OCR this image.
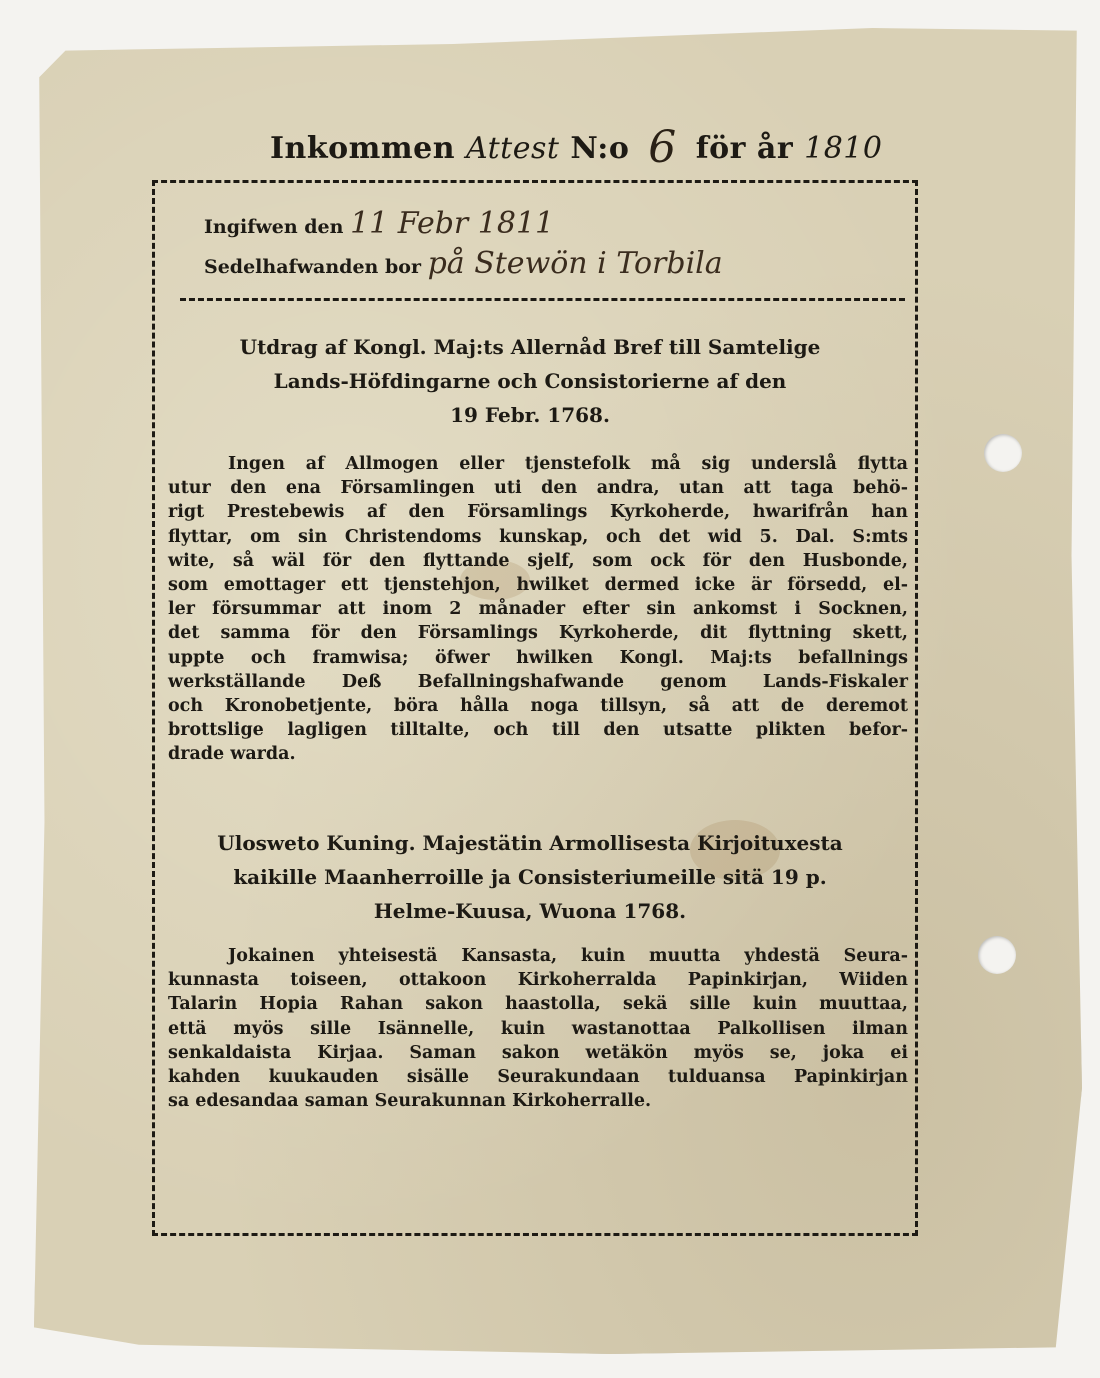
Inkommen Attest N:o 6 för år 1810
Ingifwen den 11 Febr 1811
Sedelhafwanden bor på Stewön i Torbila
Utdrag af Kongl. Maj:ts Allernåd Bref till Samtelige
Lands-Höfdingarne och Consistorierne af den
19 Febr. 1768.
Ingen af Allmogen eller tjenstefolk må sig underslå flytta
utur den ena Församlingen uti den andra, utan att taga behö-
rigt Prestebewis af den Församlings Kyrkoherde, hwarifrån han
flyttar, om sin Christendoms kunskap, och det wid 5. Dal. S:mts
wite, så wäl för den flyttande sjelf, som ock för den Husbonde,
som emottager ett tjenstehjon, hwilket dermed icke är försedd, el-
ler försummar att inom 2 månader efter sin ankomst i Socknen,
det samma för den Församlings Kyrkoherde, dit flyttning skett,
uppte och framwisa; öfwer hwilken Kongl. Maj:ts befallnings
werkställande Deß Befallningshafwande genom Lands-Fiskaler
och Kronobetjente, böra hålla noga tillsyn, så att de deremot
brottslige lagligen tilltalte, och till den utsatte plikten befor-
drade warda.
Ulosweto Kuning. Majestätin Armollisesta Kirjoituxesta
kaikille Maanherroille ja Consisteriumeille sitä 19 p.
Helme-Kuusa, Wuona 1768.
Jokainen yhteisestä Kansasta, kuin muutta yhdestä Seura-
kunnasta toiseen, ottakoon Kirkoherralda Papinkirjan, Wiiden
Talarin Hopia Rahan sakon haastolla, sekä sille kuin muuttaa,
että myös sille Isännelle, kuin wastanottaa Palkollisen ilman
senkaldaista Kirjaa. Saman sakon wetäkön myös se, joka ei
kahden kuukauden sisälle Seurakundaan tulduansa Papinkirjan
sa edesandaa saman Seurakunnan Kirkoherralle.
